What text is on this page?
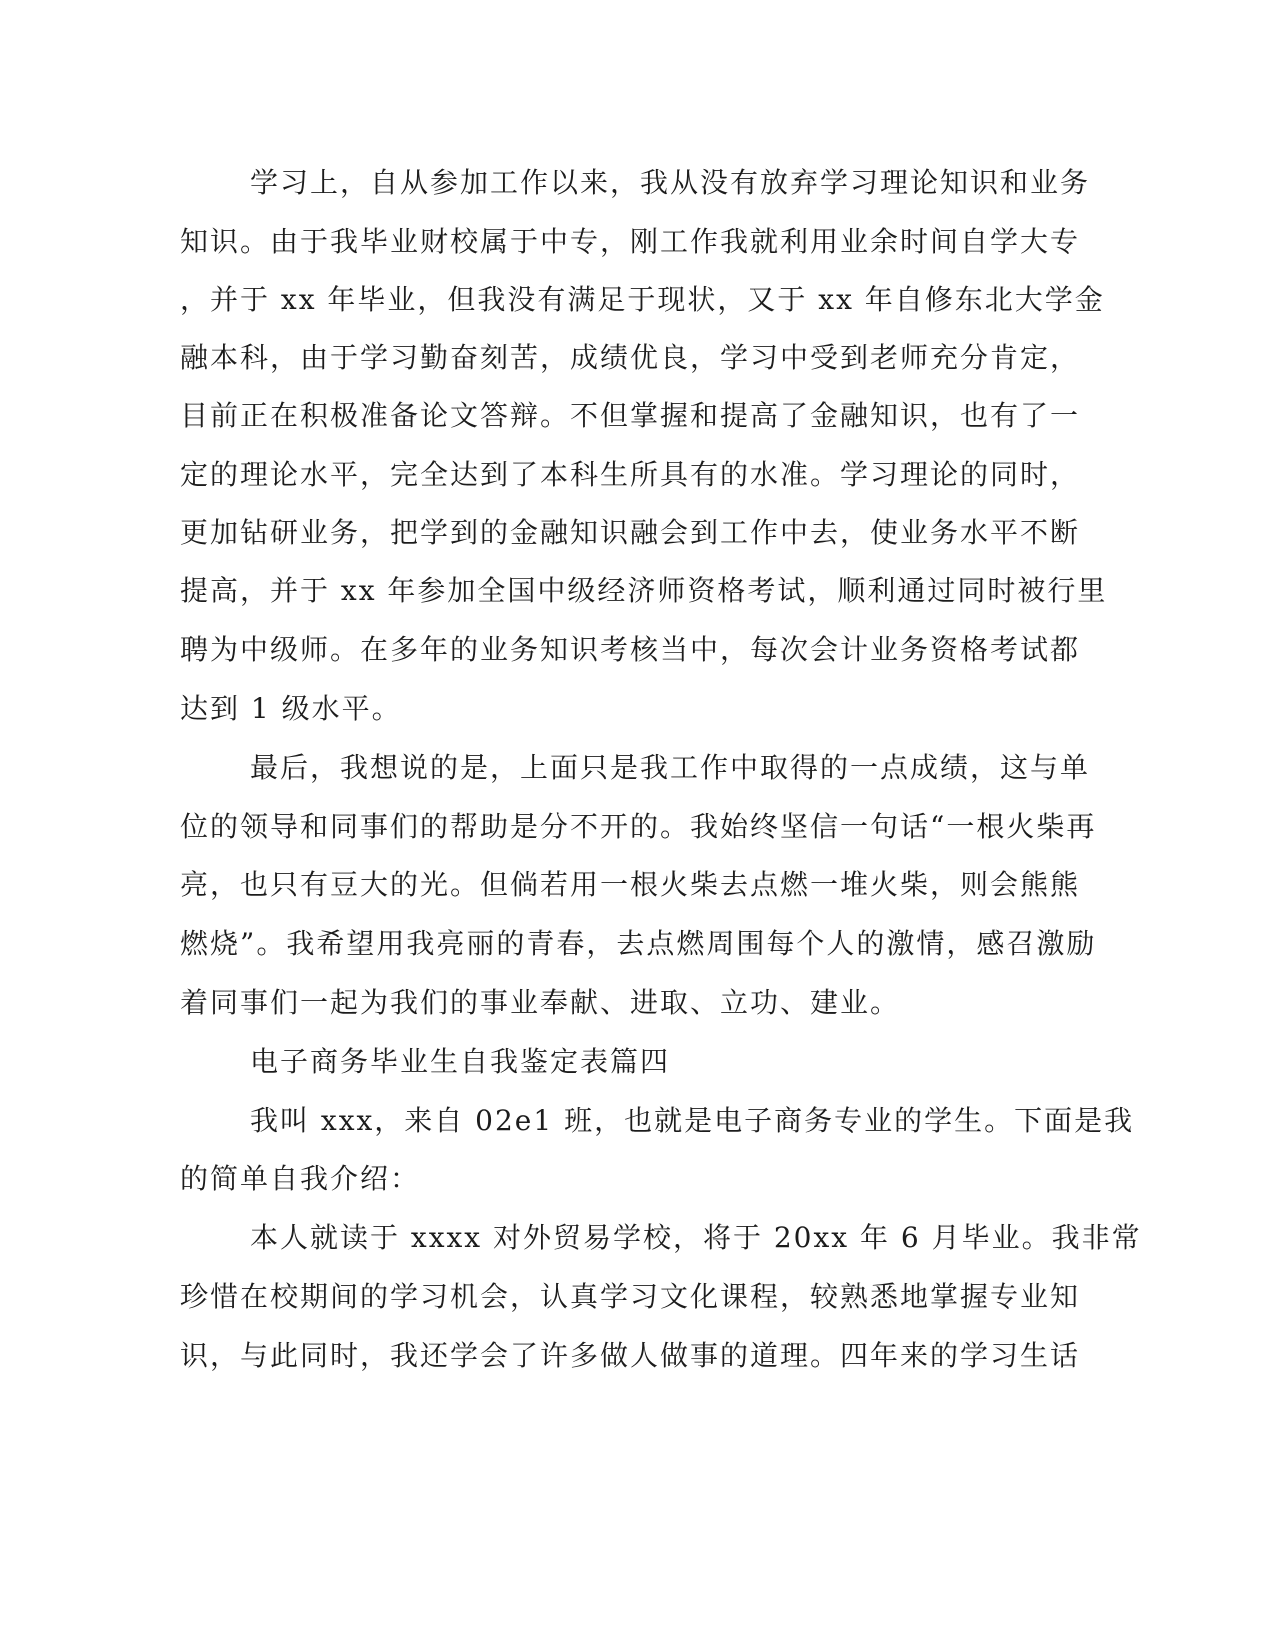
学习上，自从参加工作以来，我从没有放弃学习理论知识和业务
知识。由于我毕业财校属于中专，刚工作我就利用业余时间自学大专
，并于 xx 年毕业，但我没有满足于现状，又于 xx 年自修东北大学金
融本科，由于学习勤奋刻苦，成绩优良，学习中受到老师充分肯定，
目前正在积极准备论文答辩。不但掌握和提高了金融知识，也有了一
定的理论水平，完全达到了本科生所具有的水准。学习理论的同时，
更加钻研业务，把学到的金融知识融会到工作中去，使业务水平不断
提高，并于 xx 年参加全国中级经济师资格考试，顺利通过同时被行里
聘为中级师。在多年的业务知识考核当中，每次会计业务资格考试都
达到 1 级水平。
最后，我想说的是，上面只是我工作中取得的一点成绩，这与单
位的领导和同事们的帮助是分不开的。我始终坚信一句话“一根火柴再
亮，也只有豆大的光。但倘若用一根火柴去点燃一堆火柴，则会熊熊
燃烧”。我希望用我亮丽的青春，去点燃周围每个人的激情，感召激励
着同事们一起为我们的事业奉献、进取、立功、建业。
电子商务毕业生自我鉴定表篇四
我叫 xxx，来自 02e1 班，也就是电子商务专业的学生。下面是我
的简单自我介绍：
本人就读于 xxxx 对外贸易学校，将于 20xx 年 6 月毕业。我非常
珍惜在校期间的学习机会，认真学习文化课程，较熟悉地掌握专业知
识，与此同时，我还学会了许多做人做事的道理。四年来的学习生话
